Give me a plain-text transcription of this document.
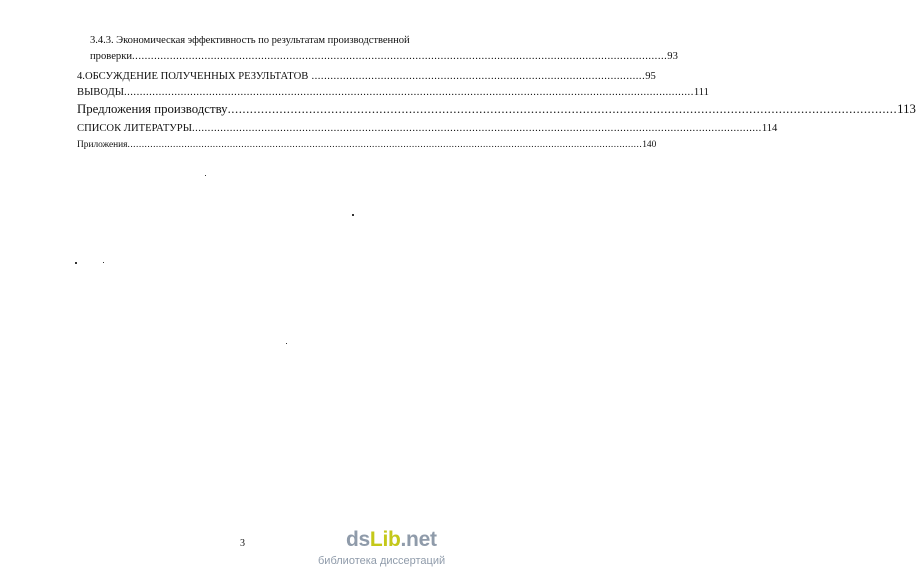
3.4.3. Экономическая эффективность по результатам производственной
проверки .......................................................................................................................................................................... 93
4.ОБСУЖДЕНИЕ ПОЛУЧЕННЫХ РЕЗУЛЬТАТОВ .......................................................................................................... 95
ВЫВОДЫ ..................................................................................................................................................................................... 111
Предложения производству ..................................................................................................................................................................................... 113
СПИСОК ЛИТЕРАТУРЫ ..................................................................................................................................................................................... 114
Приложения ..................................................................................................................................................................................... 140
3	dsLib.net
библиотека диссертаций
